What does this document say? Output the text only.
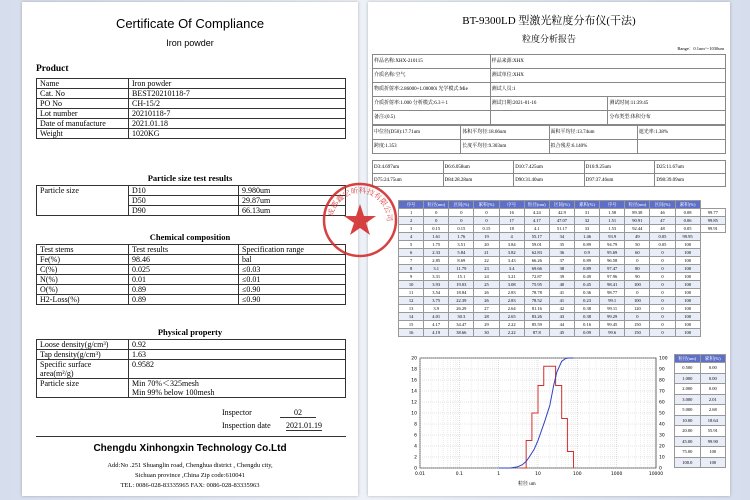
Certificate Of Compliance
Iron powder
Product
Name	Iron powder
Cat. No	BEST20210118-7
PO No	CH-15/2
Lot number	20210118-7
Date of manufacture	2021.01.18
Weight	1020KG
Particle size test results
Particle size	D10	9.980um
	D50	29.87um
	D90	66.13um
Chemical composition
Test stems	Test results	Specification range
Fe(%)	98.46	bal
C(%)	0.025	≤0.03
N(%)	0.01	≤0.01
O(%)	0.89	≤0.90
H2-Loss(%)	0.89	≤0.90
Physical property
Loose density(g/cm³)	0.92
Tap density(g/cm³)	1.63
Specific surface area(m²/g)	0.9582
Particle size	Min 70%＜325mesh
Min 99% below 100mesh
Inspector	02
Inspection date 2021.01.19
Chengdu Xinhongxin Technology Co.Ltd
Add:No .251 Shuanglin road, Chenghua district , Chengdu city,
Sichuan province ,China Zip code:610041
TEL: 0086-028-83335965 FAX: 0086-028-83335963
BT-9300LD 型激光粒度分布仪(干法)
粒度分析报告
Range：0.1um～1030um
样品名称:XHX-210115	样品来源:XHX	
介质名称:空气	测试单位:XHX	
物质折射率:2.86000+1.00000i 光学模式:Mie	测试人员:1	
介质折射率:1.000 分析模式:6.3＋1	测试日期:2021-01-16	测试时间:11:39:45
备注:(0.5)		分布类型:体积分布
中位径(D50):17.71um	体积平均径:18.66um	面积平均径:13.74um	遮光率:1.38%
跨度:1.353	长度平均径:9.303um	拟合残差:6.140%	
D3:4.697um	D6:6.058um	D10:7.425um	D16:9.25um	D25:11.67um
D75:24.75um	D84:28.28um	D90:31.40um	D97:37.46um	D98:39.09um
序号	粒径(um)	区间(%)	累积(%)	序号	粒径(um)	区间(%)	累积(%)	序号	粒径(um)	区间(%)	累积(%)	
1	0	0	0	16	4.24	42.9	31	1.58	89.38	46	0.08	99.77
2	0	0	0	17	4.17	47.07	32	1.51	90.91	47	0.06	99.85
3	0.15	0.15	0.15	18	4.1	51.17	33	1.53	92.44	48	0.05	99.91
4	1.61	1.76	19	4	55.17	34	1.46	93.9	49	0.05	99.95	
5	1.75	3.51	20	3.84	59.01	35	0.89	94.79	50	0.05	100	
6	2.33	5.84	21	3.82	62.83	36	0.9	95.69	60	0	100	
7	2.85	8.69	22	3.43	66.26	37	0.89	96.58	0	0	100	
8	3.1	11.79	23	3.4	69.66	38	0.89	97.47	80	0	100	
9	3.31	15.1	24	3.21	72.87	39	0.49	97.96	90	0	100	
10	3.93	19.03	25	3.08	75.95	40	0.45	98.41	100	0	100	
11	3.54	18.84	26	2.83	78.78	41	0.36	98.77	0	0	100	
12	3.75	22.39	26	2.83	78.52	41	0.23	99.1	100	0	100	
13	3.9	26.29	27	2.64	81.16	42	0.38	99.11	120	0	100	
14	4.01	30.3	28	2.65	83.26	43	0.38	99.29	0	0	100	
15	4.17	34.47	29	2.22	85.59	44	0.16	99.45	150	0	100	
16	4.19	38.66	30	2.22	87.8	45	0.09	99.6	150	0	100	
0
2
4
6
8
10
12
14
16
18
20
0
10
20
30
40
50
60
70
80
90
100
0.01	0.1	1	10	100	1000	10000
粒径 um
粒径(um)	累积(%)
0.500	0.00
1.000	0.00
2.000	0.00
3.000	2.01
5.000	2.68
10.00	18.64
20.00	55.91
45.00	99.90
75.00	100
100.0	100
成都鑫宏昕科技有限公司
